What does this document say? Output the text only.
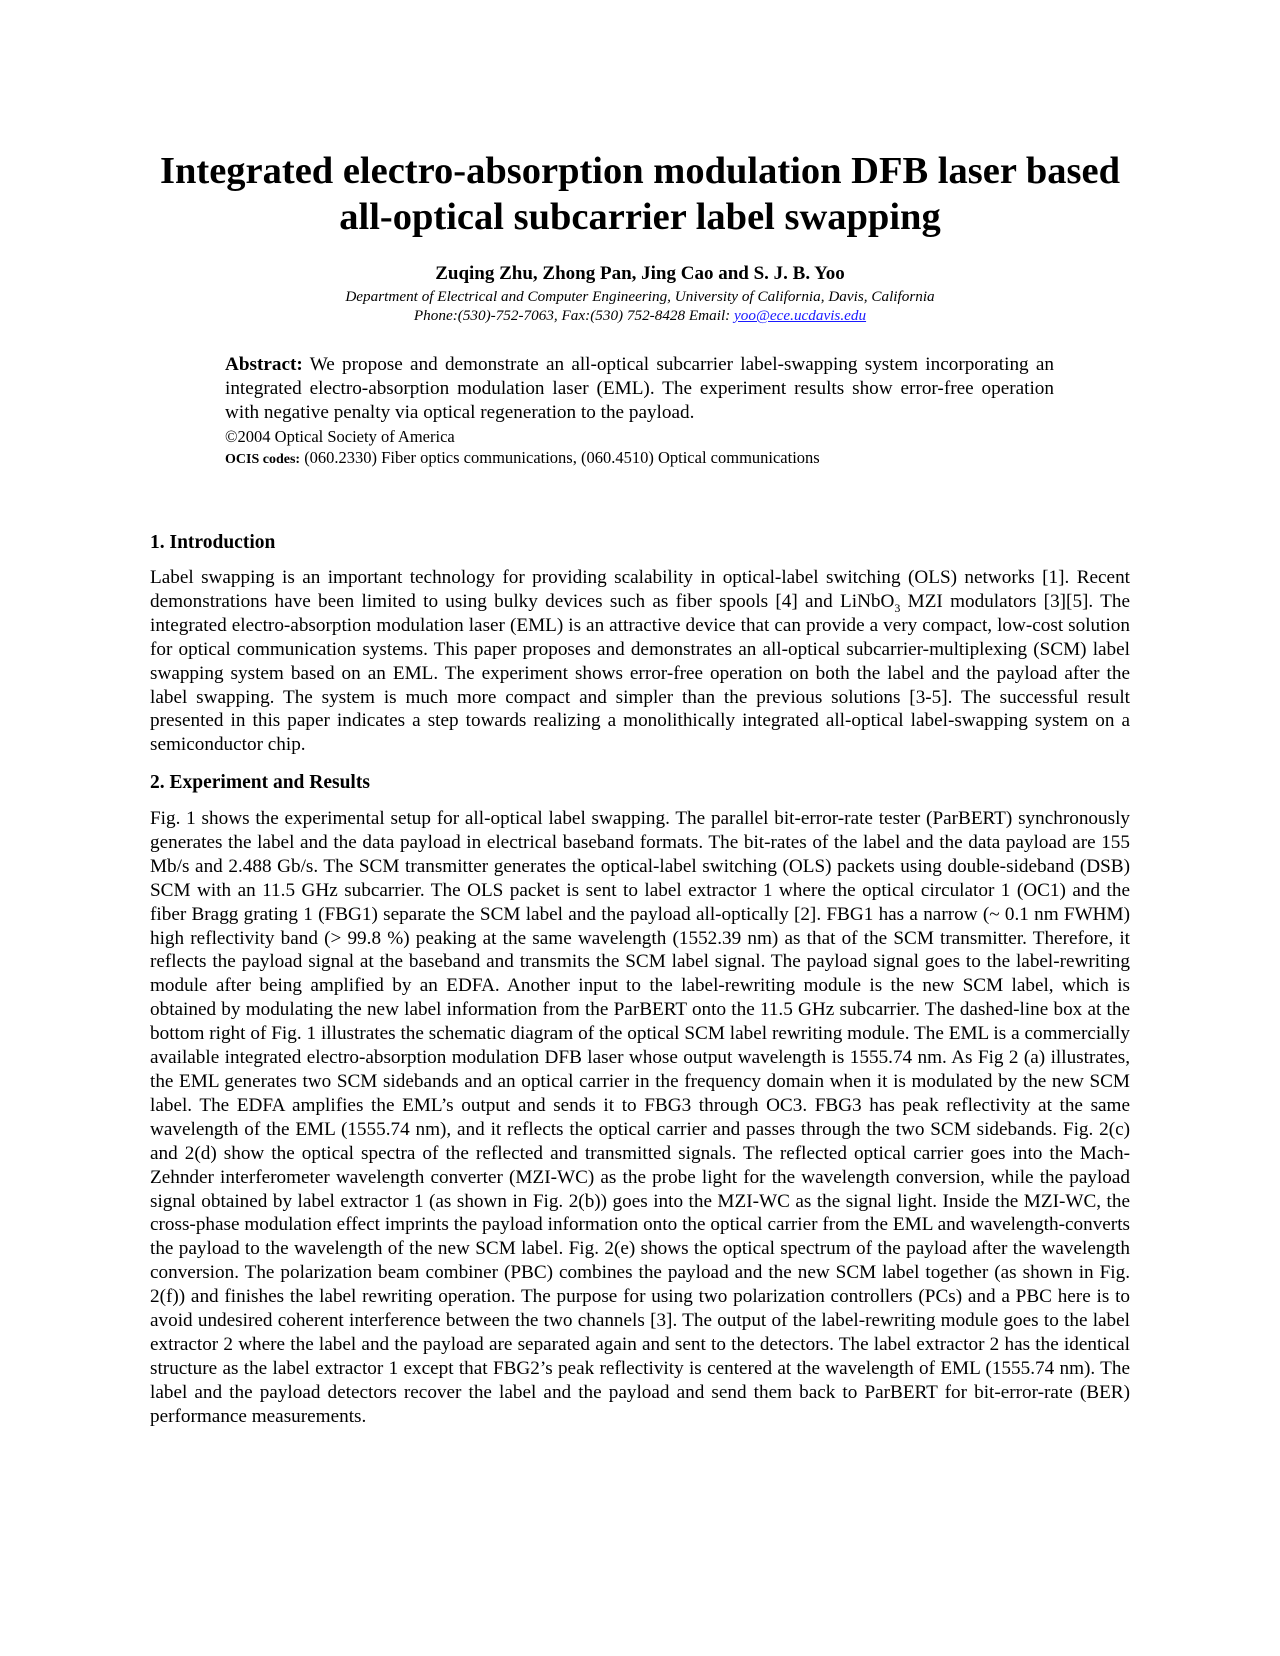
Integrated electro-absorption modulation DFB laser based all-optical subcarrier label swapping
Zuqing Zhu, Zhong Pan, Jing Cao and S. J. B. Yoo
Department of Electrical and Computer Engineering, University of California, Davis, California
Phone:(530)-752-7063, Fax:(530) 752-8428 Email: yoo@ece.ucdavis.edu
Abstract: We propose and demonstrate an all-optical subcarrier label-swapping system incorporating an integrated electro-absorption modulation laser (EML). The experiment results show error-free operation with negative penalty via optical regeneration to the payload.
©2004 Optical Society of America
OCIS codes: (060.2330) Fiber optics communications, (060.4510) Optical communications
1. Introduction
Label swapping is an important technology for providing scalability in optical-label switching (OLS) networks [1]. Recent demonstrations have been limited to using bulky devices such as fiber spools [4] and LiNbO$_3$ MZI modulators [3][5]. The integrated electro-absorption modulation laser (EML) is an attractive device that can provide a very compact, low-cost solution for optical communication systems. This paper proposes and demonstrates an all-optical subcarrier-multiplexing (SCM) label swapping system based on an EML. The experiment shows error-free operation on both the label and the payload after the label swapping. The system is much more compact and simpler than the previous solutions [3-5]. The successful result presented in this paper indicates a step towards realizing a monolithically integrated all-optical label-swapping system on a semiconductor chip.
2. Experiment and Results
Fig. 1 shows the experimental setup for all-optical label swapping. The parallel bit-error-rate tester (ParBERT) synchronously generates the label and the data payload in electrical baseband formats. The bit-rates of the label and the data payload are 155 Mb/s and 2.488 Gb/s. The SCM transmitter generates the optical-label switching (OLS) packets using double-sideband (DSB) SCM with an 11.5 GHz subcarrier. The OLS packet is sent to label extractor 1 where the optical circulator 1 (OC1) and the fiber Bragg grating 1 (FBG1) separate the SCM label and the payload all-optically [2]. FBG1 has a narrow (~ 0.1 nm FWHM) high reflectivity band (> 99.8 %) peaking at the same wavelength (1552.39 nm) as that of the SCM transmitter. Therefore, it reflects the payload signal at the baseband and transmits the SCM label signal. The payload signal goes to the label-rewriting module after being amplified by an EDFA. Another input to the label-rewriting module is the new SCM label, which is obtained by modulating the new label information from the ParBERT onto the 11.5 GHz subcarrier. The dashed-line box at the bottom right of Fig. 1 illustrates the schematic diagram of the optical SCM label rewriting module. The EML is a commercially available integrated electro-absorption modulation DFB laser whose output wavelength is 1555.74 nm. As Fig 2 (a) illustrates, the EML generates two SCM sidebands and an optical carrier in the frequency domain when it is modulated by the new SCM label. The EDFA amplifies the EML’s output and sends it to FBG3 through OC3. FBG3 has peak reflectivity at the same wavelength of the EML (1555.74 nm), and it reflects the optical carrier and passes through the two SCM sidebands. Fig. 2(c) and 2(d) show the optical spectra of the reflected and transmitted signals. The reflected optical carrier goes into the Mach-Zehnder interferometer wavelength converter (MZI-WC) as the probe light for the wavelength conversion, while the payload signal obtained by label extractor 1 (as shown in Fig. 2(b)) goes into the MZI-WC as the signal light. Inside the MZI-WC, the cross-phase modulation effect imprints the payload information onto the optical carrier from the EML and wavelength-converts the payload to the wavelength of the new SCM label. Fig. 2(e) shows the optical spectrum of the payload after the wavelength conversion. The polarization beam combiner (PBC) combines the payload and the new SCM label together (as shown in Fig. 2(f)) and finishes the label rewriting operation. The purpose for using two polarization controllers (PCs) and a PBC here is to avoid undesired coherent interference between the two channels [3]. The output of the label-rewriting module goes to the label extractor 2 where the label and the payload are separated again and sent to the detectors. The label extractor 2 has the identical structure as the label extractor 1 except that FBG2’s peak reflectivity is centered at the wavelength of EML (1555.74 nm). The label and the payload detectors recover the label and the payload and send them back to ParBERT for bit-error-rate (BER) performance measurements.
